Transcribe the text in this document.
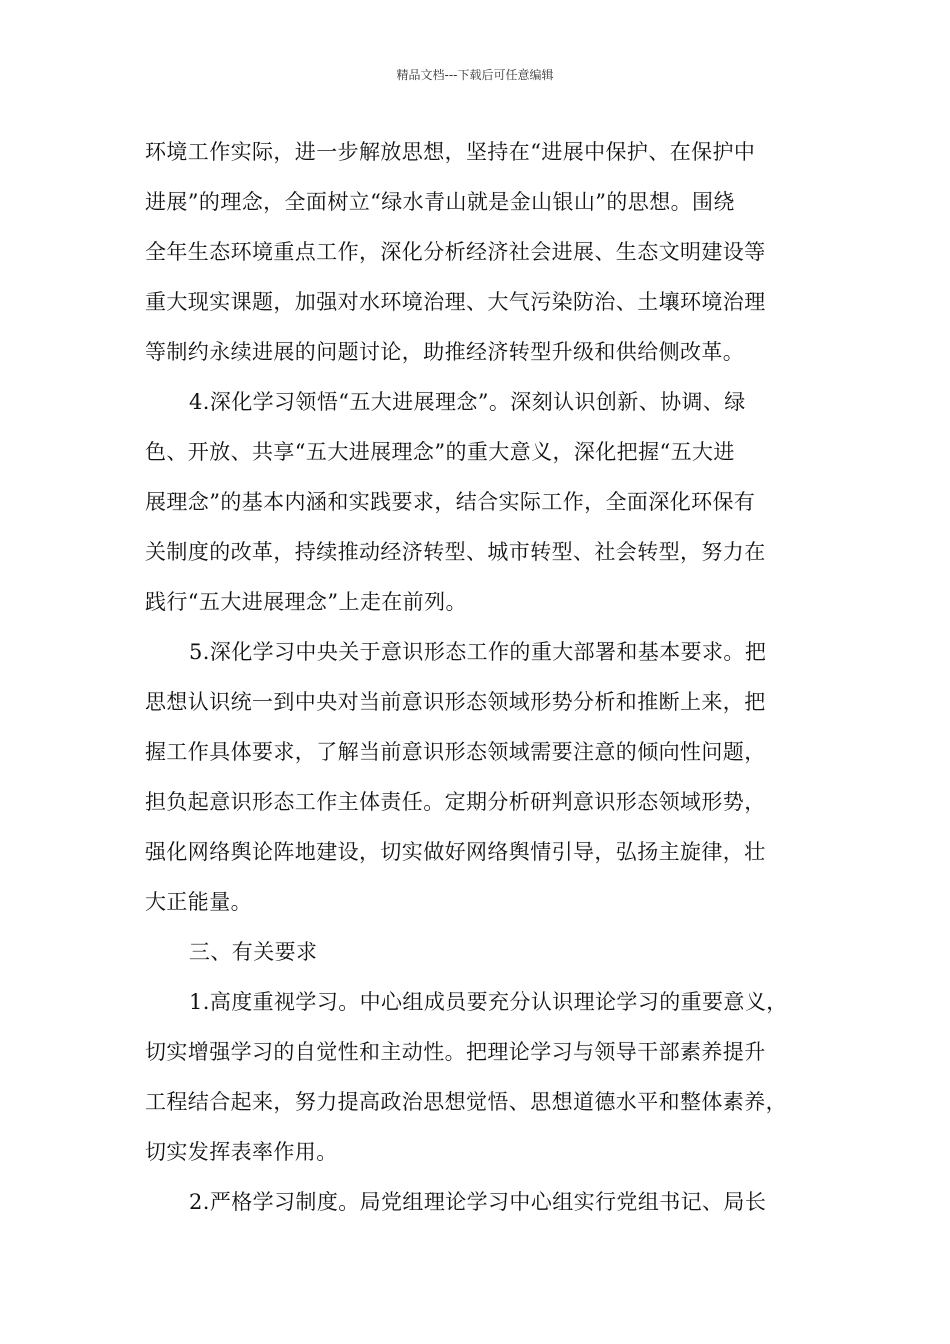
精品文档---下载后可任意编辑
环境工作实际，进一步解放思想，坚持在“进展中保护、在保护中
进展”的理念，全面树立“绿水青山就是金山银山”的思想。围绕
全年生态环境重点工作，深化分析经济社会进展、生态文明建设等
重大现实课题，加强对水环境治理、大气污染防治、土壤环境治理
等制约永续进展的问题讨论，助推经济转型升级和供给侧改革。
4.深化学习领悟“五大进展理念”。深刻认识创新、协调、绿
色、开放、共享“五大进展理念”的重大意义，深化把握“五大进
展理念”的基本内涵和实践要求，结合实际工作，全面深化环保有
关制度的改革，持续推动经济转型、城市转型、社会转型，努力在
践行“五大进展理念”上走在前列。
5.深化学习中央关于意识形态工作的重大部署和基本要求。把
思想认识统一到中央对当前意识形态领域形势分析和推断上来，把
握工作具体要求，了解当前意识形态领域需要注意的倾向性问题，
担负起意识形态工作主体责任。定期分析研判意识形态领域形势，
强化网络舆论阵地建设，切实做好网络舆情引导，弘扬主旋律，壮
大正能量。
三、有关要求
1.高度重视学习。中心组成员要充分认识理论学习的重要意义，
切实增强学习的自觉性和主动性。把理论学习与领导干部素养提升
工程结合起来，努力提高政治思想觉悟、思想道德水平和整体素养，
切实发挥表率作用。
2.严格学习制度。局党组理论学习中心组实行党组书记、局长
